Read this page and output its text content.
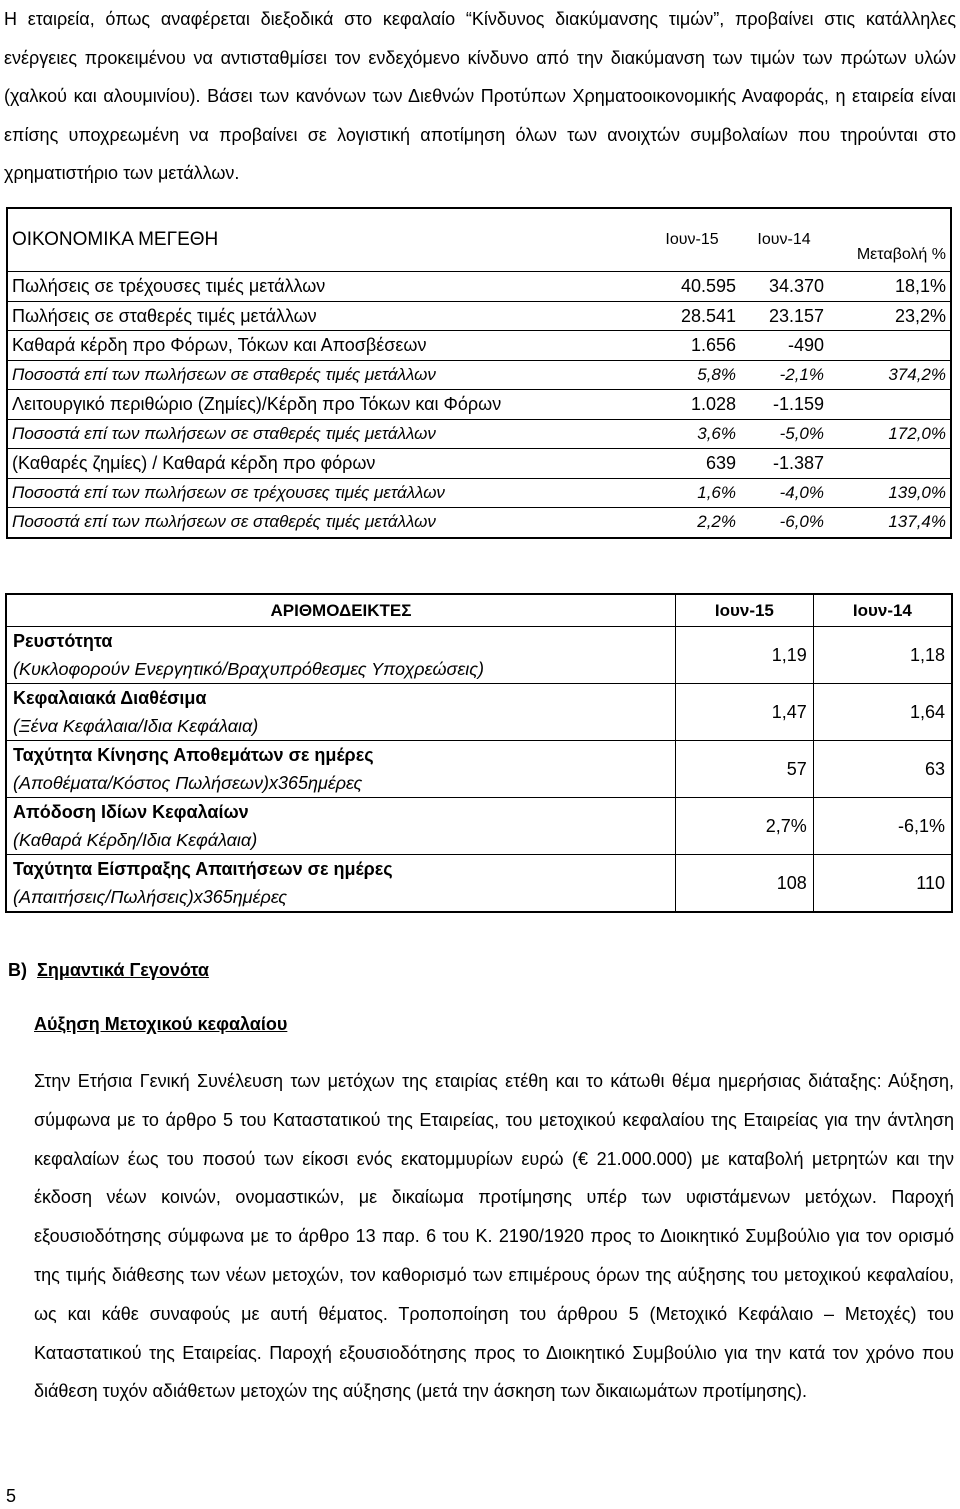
Η εταιρεία, όπως αναφέρεται διεξοδικά στο κεφαλαίο “Κίνδυνος διακύμανσης τιμών”, προβαίνει στις κατάλληλες ενέργειες προκειμένου να αντισταθμίσει τον ενδεχόμενο κίνδυνο από την διακύμανση των τιμών των πρώτων υλών (χαλκού και αλουμινίου). Βάσει των κανόνων των Διεθνών Προτύπων Χρηματοοικονομικής Αναφοράς, η εταιρεία είναι επίσης υποχρεωμένη να προβαίνει σε λογιστική αποτίμηση όλων των ανοιχτών συμβολαίων που τηρούνται στο χρηματιστήριο των μετάλλων.

ΟΙΚΟΝΟΜΙΚΑ ΜΕΓΕΘΗ	Ιουν-15	Ιουν-14	Μεταβολή %
Πωλήσεις σε τρέχουσες τιμές μετάλλων	40.595	34.370	18,1%
Πωλήσεις σε σταθερές τιμές μετάλλων	28.541	23.157	23,2%
Καθαρά κέρδη προ Φόρων, Τόκων και Αποσβέσεων	1.656	-490	
Ποσοστά επί των πωλήσεων σε σταθερές τιμές μετάλλων	5,8%	-2,1%	374,2%
Λειτουργικό περιθώριο (Ζημίες)/Κέρδη προ Τόκων και Φόρων	1.028	-1.159	
Ποσοστά επί των πωλήσεων σε σταθερές τιμές μετάλλων	3,6%	-5,0%	172,0%
(Καθαρές ζημίες) / Καθαρά κέρδη προ φόρων	639	-1.387	
Ποσοστά επί των πωλήσεων σε τρέχουσες τιμές μετάλλων	1,6%	-4,0%	139,0%
Ποσοστά επί των πωλήσεων σε σταθερές τιμές μετάλλων	2,2%	-6,0%	137,4%
ΑΡΙΘΜΟΔΕΙΚΤΕΣ	Ιουν-15	Ιουν-14

Ρευστότητα
(Κυκλοφορούν Ενεργητικό/Βραχυπρόθεσμες Υποχρεώσεις)	1,19	1,18

Κεφαλαιακά Διαθέσιμα
(Ξένα Κεφάλαια/Ιδια Κεφάλαια)	1,47	1,64

Ταχύτητα Κίνησης Αποθεμάτων σε ημέρες
(Αποθέματα/Κόστος Πωλήσεων)x365ημέρες	57	63

Απόδοση Ιδίων Κεφαλαίων
(Καθαρά Κέρδη/Ιδια Κεφάλαια)	2,7%	-6,1%

Ταχύτητα Είσπραξης Απαιτήσεων σε ημέρες
(Απαιτήσεις/Πωλήσεις)x365ημέρες	108	110

Β) Σημαντικά Γεγονότα

Αύξηση Μετοχικού κεφαλαίου

Στην Ετήσια Γενική Συνέλευση των μετόχων της εταιρίας ετέθη και το κάτωθι θέμα ημερήσιας διάταξης: Αύξηση, σύμφωνα με το άρθρο 5 του Καταστατικού της Εταιρείας, του μετοχικού κεφαλαίου της Εταιρείας για την άντληση κεφαλαίων έως του ποσού των είκοσι ενός εκατομμυρίων ευρώ (€ 21.000.000) με καταβολή μετρητών και την έκδοση νέων κοινών, ονομαστικών, με δικαίωμα προτίμησης υπέρ των υφιστάμενων μετόχων. Παροχή εξουσιοδότησης σύμφωνα με το άρθρο 13 παρ. 6 του Κ. 2190/1920 προς το Διοικητικό Συμβούλιο για τον ορισμό της τιμής διάθεσης των νέων μετοχών, τον καθορισμό των επιμέρους όρων της αύξησης του μετοχικού κεφαλαίου, ως και κάθε συναφούς με αυτή θέματος. Τροποποίηση του άρθρου 5 (Μετοχικό Κεφάλαιο – Μετοχές) του Καταστατικού της Εταιρείας. Παροχή εξουσιοδότησης προς το Διοικητικό Συμβούλιο για την κατά τον χρόνο που διάθεση τυχόν αδιάθετων μετοχών της αύξησης (μετά την άσκηση των δικαιωμάτων προτίμησης).

5
